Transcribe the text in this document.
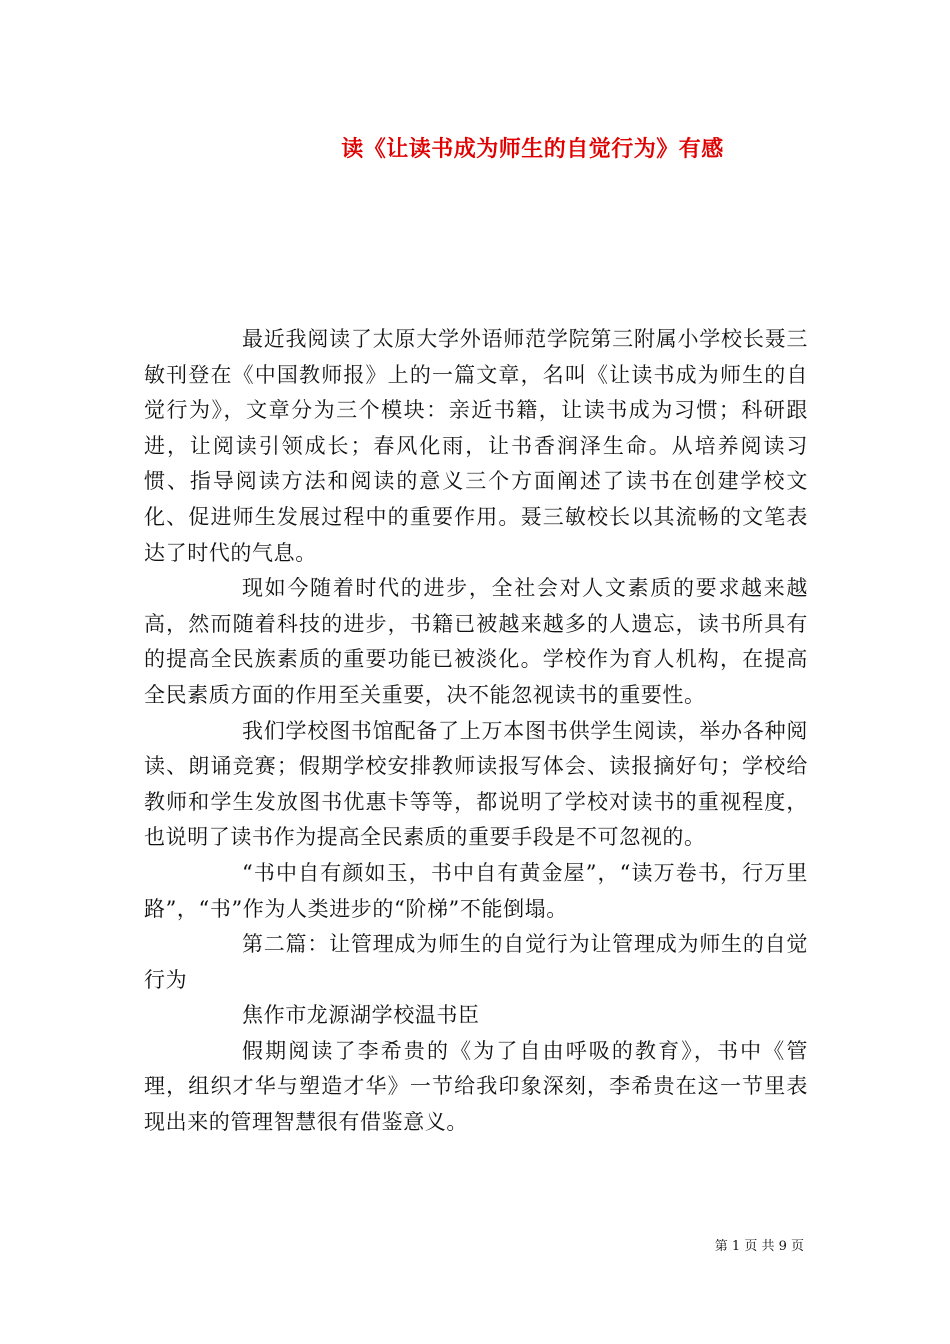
读《让读书成为师生的自觉行为》有感

最近我阅读了太原大学外语师范学院第三附属小学校长聂三敏刊登在《中国教师报》上的一篇文章，名叫《让读书成为师生的自觉行为》，文章分为三个模块：亲近书籍，让读书成为习惯；科研跟进，让阅读引领成长；春风化雨，让书香润泽生命。从培养阅读习惯、指导阅读方法和阅读的意义三个方面阐述了读书在创建学校文化、促进师生发展过程中的重要作用。聂三敏校长以其流畅的文笔表达了时代的气息。

现如今随着时代的进步，全社会对人文素质的要求越来越高，然而随着科技的进步，书籍已被越来越多的人遗忘，读书所具有的提高全民族素质的重要功能已被淡化。学校作为育人机构，在提高全民素质方面的作用至关重要，决不能忽视读书的重要性。

我们学校图书馆配备了上万本图书供学生阅读，举办各种阅读、朗诵竞赛；假期学校安排教师读报写体会、读报摘好句；学校给教师和学生发放图书优惠卡等等，都说明了学校对读书的重视程度，也说明了读书作为提高全民素质的重要手段是不可忽视的。

“书中自有颜如玉，书中自有黄金屋”，“读万卷书，行万里路”，“书”作为人类进步的“阶梯”不能倒塌。

第二篇：让管理成为师生的自觉行为让管理成为师生的自觉行为

焦作市龙源湖学校温书臣

假期阅读了李希贵的《为了自由呼吸的教育》，书中《管理，组织才华与塑造才华》一节给我印象深刻，李希贵在这一节里表现出来的管理智慧很有借鉴意义。

第 1 页 共 9 页
